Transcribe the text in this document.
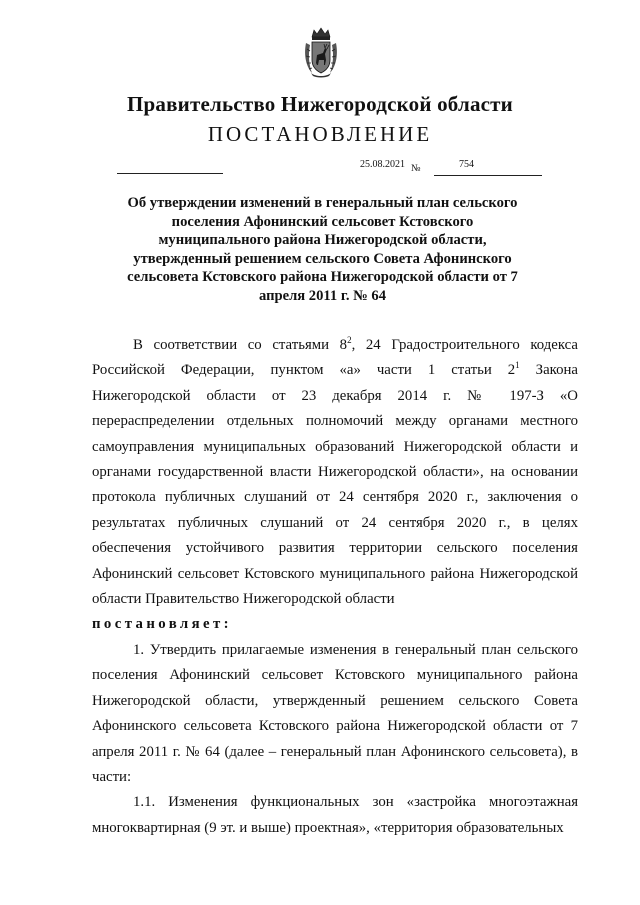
Правительство Нижегородской области
ПОСТАНОВЛЕНИЕ
25.08.2021 №	754
Об утверждении изменений в генеральный план сельского поселения Афонинский сельсовет Кстовского муниципального района Нижегородской области, утвержденный решением сельского Совета Афонинского сельсовета Кстовского района Нижегородской области от 7 апреля 2011 г. № 64

В соответствии со статьями $8^2$, 24 Градостроительного кодекса Российской Федерации, пунктом «а» части 1 статьи $2^1$ Закона Нижегородской области от 23 декабря 2014 г. № 197-З «О перераспределении отдельных полномочий между органами местного самоуправления муниципальных образований Нижегородской области и органами государственной власти Нижегородской области», на основании протокола публичных слушаний от 24 сентября 2020 г., заключения о результатах публичных слушаний от 24 сентября 2020 г., в целях обеспечения устойчивого развития территории сельского поселения Афонинский сельсовет Кстовского муниципального района Нижегородской области Правительство Нижегородской области

постановляет:

1. Утвердить прилагаемые изменения в генеральный план сельского поселения Афонинский сельсовет Кстовского муниципального района Нижегородской области, утвержденный решением сельского Совета Афонинского сельсовета Кстовского района Нижегородской области от 7 апреля 2011 г. № 64 (далее – генеральный план Афонинского сельсовета), в части:

1.1. Изменения функциональных зон «застройка многоэтажная многоквартирная (9 эт. и выше) проектная», «территория образовательных
